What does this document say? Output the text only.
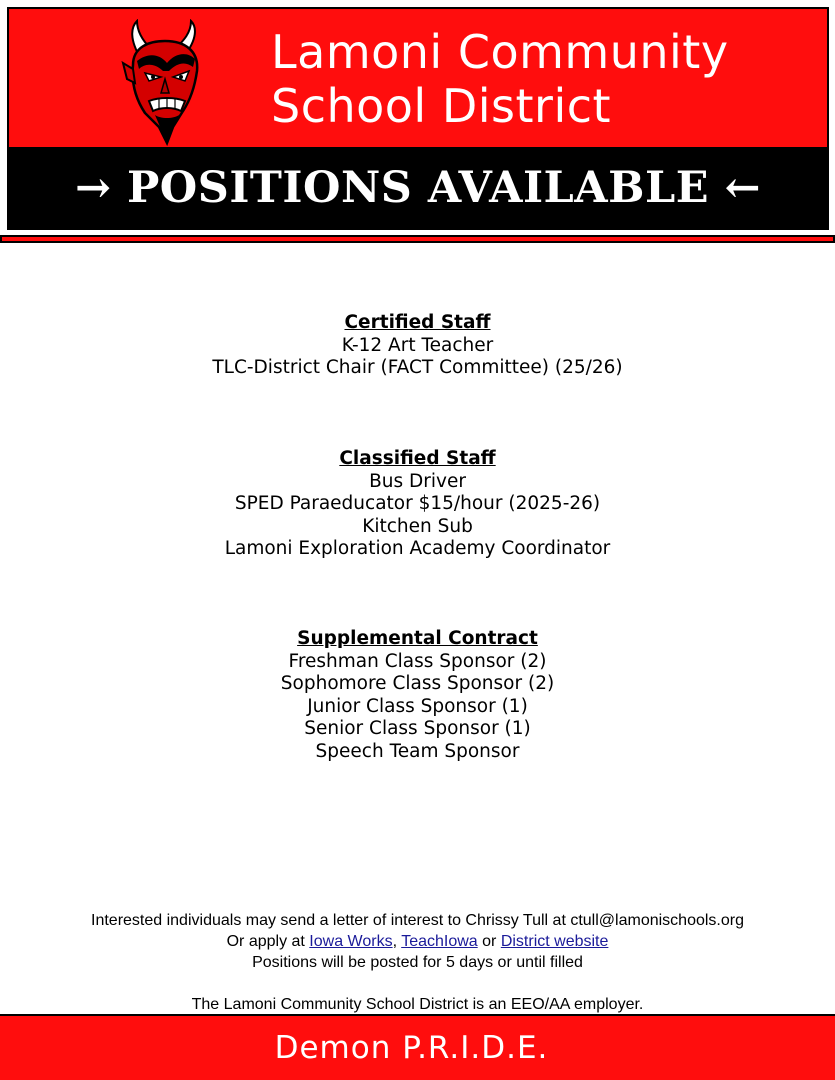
Lamoni Community
School District
→ POSITIONS AVAILABLE ←
Certified Staff
K-12 Art Teacher
TLC-District Chair (FACT Committee) (25/26)
Classified Staff
Bus Driver
SPED Paraeducator $15/hour (2025-26)
Kitchen Sub
Lamoni Exploration Academy Coordinator
Supplemental Contract
Freshman Class Sponsor (2)
Sophomore Class Sponsor (2)
Junior Class Sponsor (1)
Senior Class Sponsor (1)
Speech Team Sponsor
Interested individuals may send a letter of interest to Chrissy Tull at ctull@lamonischools.org
Or apply at Iowa Works, TeachIowa or District website
Positions will be posted for 5 days or until filled
The Lamoni Community School District is an EEO/AA employer.
Demon P.R.I.D.E.
